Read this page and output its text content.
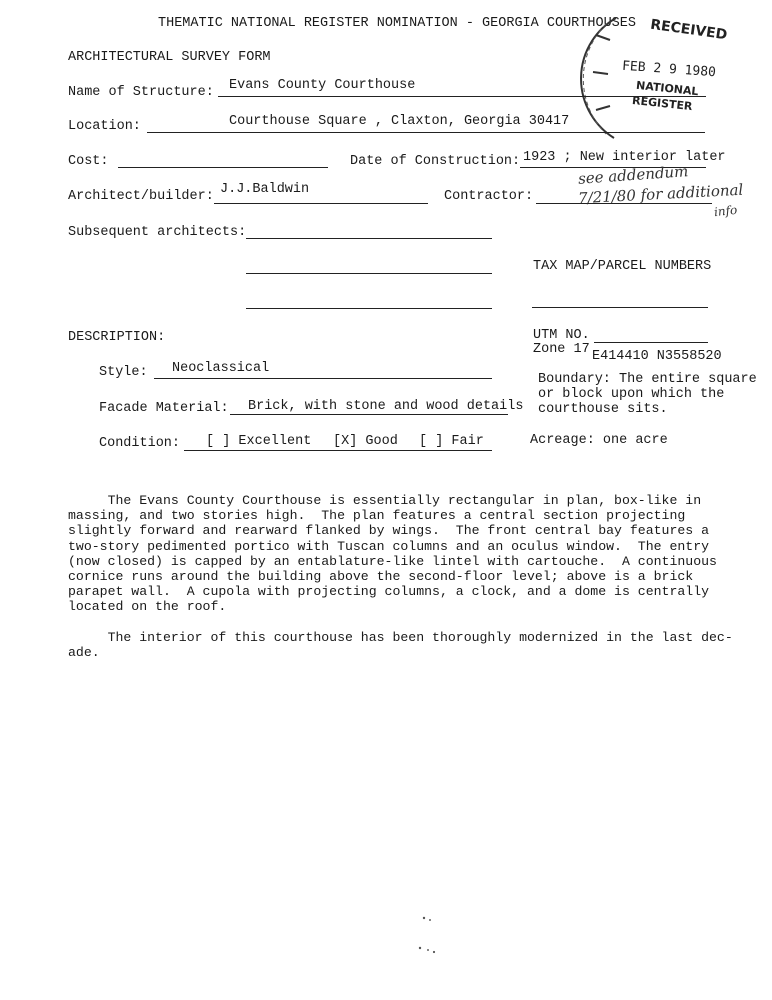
THEMATIC NATIONAL REGISTER NOMINATION - GEORGIA COURTHOUSES
ARCHITECTURAL SURVEY FORM
RECEIVED
FEB 2 9 1980
NATIONAL
REGISTER
Name of Structure: Evans County Courthouse
Location:	Courthouse Square , Claxton, Georgia 30417
Cost:	Date of Construction: 1923 ; New interior later
see addendum
7/21/80 for additional
info
Architect/builder: J.J.Baldwin	Contractor:
Subsequent architects:
TAX MAP/PARCEL NUMBERS
UTM NO.
Zone 17 E414410 N3558520
Boundary: The entire square
or block upon which the
courthouse sits.
Acreage: one acre
DESCRIPTION:
Style: Neoclassical
Facade Material: Brick, with stone and wood details
Condition: [ ] Excellent [X] Good [ ] Fair
The Evans County Courthouse is essentially rectangular in plan, box-like in
massing, and two stories high.  The plan features a central section projecting
slightly forward and rearward flanked by wings.  The front central bay features a
two-story pedimented portico with Tuscan columns and an oculus window.  The entry
(now closed) is capped by an entablature-like lintel with cartouche.  A continuous
cornice runs around the building above the second-floor level; above is a brick
parapet wall.  A cupola with projecting columns, a clock, and a dome is centrally
located on the roof.
The interior of this courthouse has been thoroughly modernized in the last dec-
ade.
